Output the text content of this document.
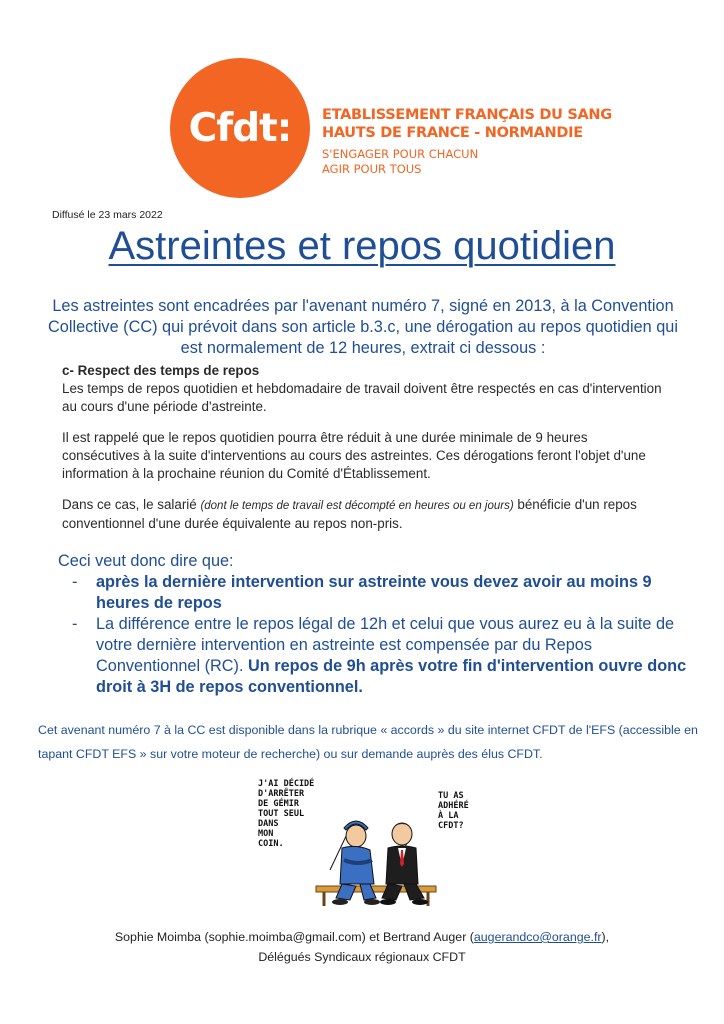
Cfdt: ETABLISSEMENT FRANÇAIS DU SANG
HAUTS DE FRANCE - NORMANDIE
S'ENGAGER POUR CHACUN
AGIR POUR TOUS
Diffusé le 23 mars 2022
Astreintes et repos quotidien
Les astreintes sont encadrées par l'avenant numéro 7, signé en 2013, à la Convention Collective (CC) qui prévoit dans son article b.3.c, une dérogation au repos quotidien qui est normalement de 12 heures, extrait ci dessous :
c- Respect des temps de repos

Les temps de repos quotidien et hebdomadaire de travail doivent être respectés en cas d'intervention au cours d'une période d'astreinte.

Il est rappelé que le repos quotidien pourra être réduit à une durée minimale de 9 heures consécutives à la suite d'interventions au cours des astreintes. Ces dérogations feront l'objet d'une information à la prochaine réunion du Comité d'Établissement.

Dans ce cas, le salarié (dont le temps de travail est décompté en heures ou en jours) bénéficie d'un repos conventionnel d'une durée équivalente au repos non-pris.

Ceci veut donc dire que:
- après la dernière intervention sur astreinte vous devez avoir au moins 9 heures de repos
- La différence entre le repos légal de 12h et celui que vous aurez eu à la suite de votre dernière intervention en astreinte est compensée par du Repos Conventionnel (RC). Un repos de 9h après votre fin d'intervention ouvre donc droit à 3H de repos conventionnel.
Cet avenant numéro 7 à la CC est disponible dans la rubrique « accords » du site internet CFDT de l'EFS (accessible en tapant CFDT EFS » sur votre moteur de recherche) ou sur demande auprès des élus CFDT.
J'AI DÉCIDÉ
D'ARRÊTER
DE GÉMIR
TOUT SEUL
DANS
MON
COIN.
TU AS
ADHÉRÉ
À LA
CFDT?
Sophie Moimba (sophie.moimba@gmail.com) et Bertrand Auger (augerandco@orange.fr),
Délégués Syndicaux régionaux CFDT
